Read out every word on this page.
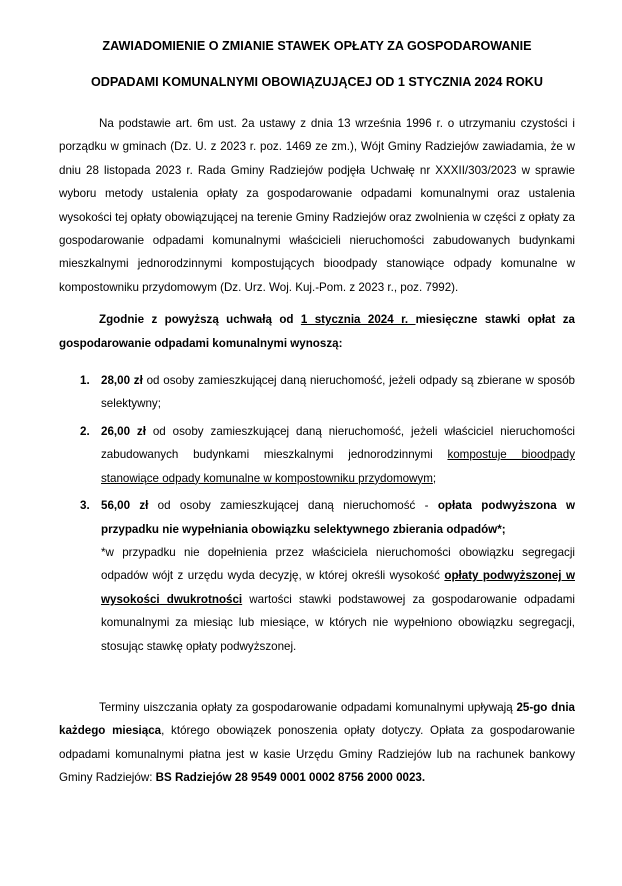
ZAWIADOMIENIE O ZMIANIE STAWEK OPŁATY ZA GOSPODAROWANIE
ODPADAMI KOMUNALNYMI OBOWIĄZUJĄCEJ OD 1 STYCZNIA 2024 ROKU

Na podstawie art. 6m ust. 2a ustawy z dnia 13 września 1996 r. o utrzymaniu czystości i porządku w gminach (Dz. U. z 2023 r. poz. 1469 ze zm.), Wójt Gminy Radziejów zawiadamia, że w dniu 28 listopada 2023 r. Rada Gminy Radziejów podjęła Uchwałę nr XXXII/303/2023 w sprawie wyboru metody ustalenia opłaty za gospodarowanie odpadami komunalnymi oraz ustalenia wysokości tej opłaty obowiązującej na terenie Gminy Radziejów oraz zwolnienia w części z opłaty za gospodarowanie odpadami komunalnymi właścicieli nieruchomości zabudowanych budynkami mieszkalnymi jednorodzinnymi kompostujących bioodpady stanowiące odpady komunalne w kompostowniku przydomowym (Dz. Urz. Woj. Kuj.-Pom. z 2023 r., poz. 7992).

Zgodnie z powyższą uchwałą od 1 stycznia 2024 r. miesięczne stawki opłat za gospodarowanie odpadami komunalnymi wynoszą:

1. 28,00 zł od osoby zamieszkującej daną nieruchomość, jeżeli odpady są zbierane w sposób selektywny;
2. 26,00 zł od osoby zamieszkującej daną nieruchomość, jeżeli właściciel nieruchomości zabudowanych budynkami mieszkalnymi jednorodzinnymi kompostuje bioodpady stanowiące odpady komunalne w kompostowniku przydomowym;
3. 56,00 zł od osoby zamieszkującej daną nieruchomość - opłata podwyższona w przypadku nie wypełniania obowiązku selektywnego zbierania odpadów*;
*w przypadku nie dopełnienia przez właściciela nieruchomości obowiązku segregacji odpadów wójt z urzędu wyda decyzję, w której określi wysokość opłaty podwyższonej w wysokości dwukrotności wartości stawki podstawowej za gospodarowanie odpadami komunalnymi za miesiąc lub miesiące, w których nie wypełniono obowiązku segregacji, stosując stawkę opłaty podwyższonej.

Terminy uiszczania opłaty za gospodarowanie odpadami komunalnymi upływają 25-go dnia każdego miesiąca, którego obowiązek ponoszenia opłaty dotyczy. Opłata za gospodarowanie odpadami komunalnymi płatna jest w kasie Urzędu Gminy Radziejów lub na rachunek bankowy Gminy Radziejów: BS Radziejów 28 9549 0001 0002 8756 2000 0023.
